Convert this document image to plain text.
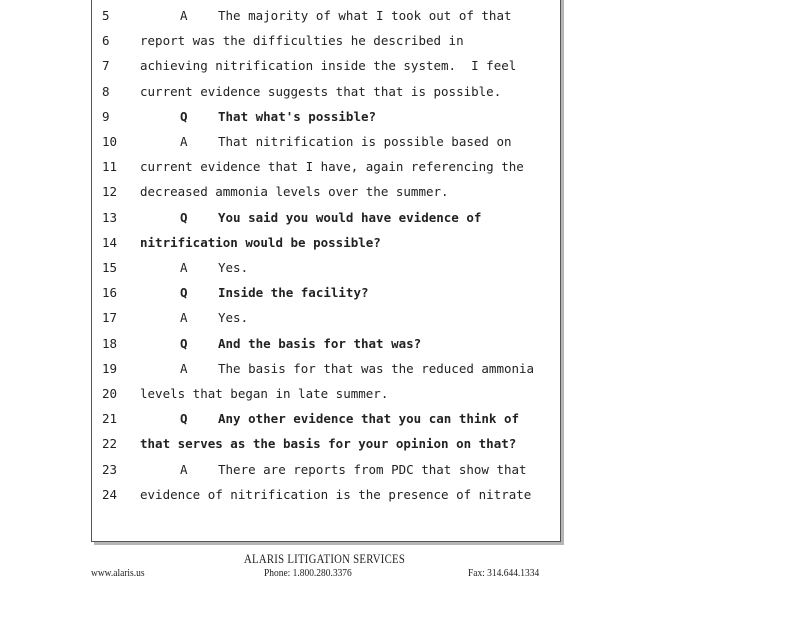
5	A The majority of what I took out of that
6	report was the difficulties he described in
7	achieving nitrification inside the system.  I feel
8	current evidence suggests that that is possible.
9	Q That what's possible?
10	A That nitrification is possible based on
11	current evidence that I have, again referencing the
12	decreased ammonia levels over the summer.
13	Q You said you would have evidence of
14	nitrification would be possible?
15	A Yes.
16	Q Inside the facility?
17	A Yes.
18	Q And the basis for that was?
19	A The basis for that was the reduced ammonia
20	levels that began in late summer.
21	Q Any other evidence that you can think of
22	that serves as the basis for your opinion on that?
23	A There are reports from PDC that show that
24	evidence of nitrification is the presence of nitrate
ALARIS LITIGATION SERVICES
www.alaris.us	Phone: 1.800.280.3376	Fax: 314.644.1334
